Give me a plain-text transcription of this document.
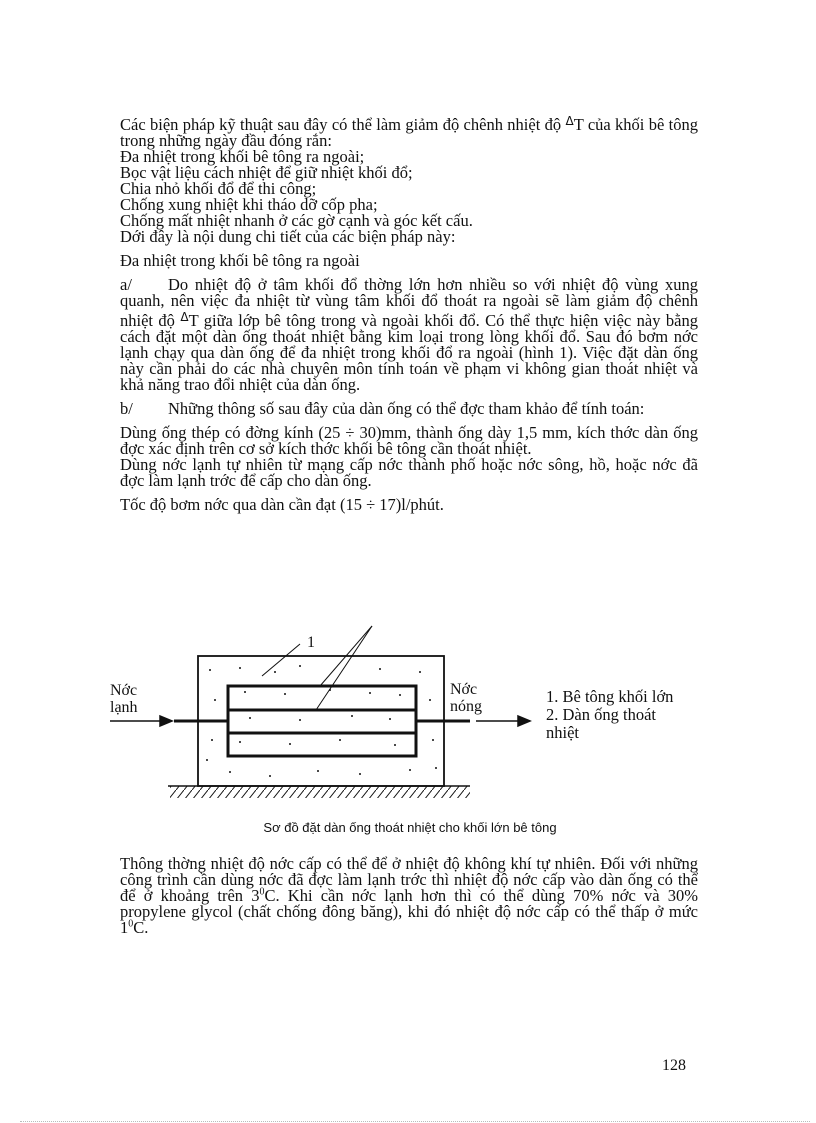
Các biện pháp kỹ thuật sau đây có thể làm giảm độ chênh nhiệt độ $^\Delta$T của khối bê tông trong những ngày đầu đóng rắn:

Đa nhiệt trong khối bê tông ra ngoài;

Bọc vật liệu cách nhiệt để giữ nhiệt khối đổ;

Chia nhỏ khối đổ để thi công;

Chống xung nhiệt khi tháo dỡ cốp pha;

Chống mất nhiệt nhanh ở các gờ cạnh và góc kết cấu.

Dới đây là nội dung chi tiết của các biện pháp này:

Đa nhiệt trong khối bê tông ra ngoài

a/ Do nhiệt độ ở tâm khối đổ thờng lớn hơn nhiều so với nhiệt độ vùng xung quanh, nên việc đa nhiệt từ vùng tâm khối đổ thoát ra ngoài sẽ làm giảm độ chênh nhiệt độ $^\Delta$T giữa lớp bê tông trong và ngoài khối đổ. Có thể thực hiện việc này bằng cách đặt một dàn ống thoát nhiệt bằng kim loại trong lòng khối đổ. Sau đó bơm nớc lạnh chạy qua dàn ống để đa nhiệt trong khối đổ ra ngoài (hình 1). Việc đặt dàn ống này cần phải do các nhà chuyên môn tính toán về phạm vi không gian thoát nhiệt và khả năng trao đổi nhiệt của dàn ống.

b/ Những thông số sau đây của dàn ống có thể đợc tham khảo để tính toán:

Dùng ống thép có đờng kính (25 ÷ 30)mm, thành ống dày 1,5 mm, kích thớc dàn ống đợc xác định trên cơ sở kích thớc khối bê tông cần thoát nhiệt.

Dùng nớc lạnh tự nhiên từ mạng cấp nớc thành phố hoặc nớc sông, hồ, hoặc nớc đã đợc làm lạnh trớc để cấp cho dàn ống.

Tốc độ bơm nớc qua dàn cần đạt (15 ÷ 17)l/phút.

Nớc
lạnh
Nớc
nóng
1
1. Bê tông khối lớn
2. Dàn ống thoát
nhiệt
Sơ đồ đặt dàn ống thoát nhiệt cho khối lớn bê tông

Thông thờng nhiệt độ nớc cấp có thể để ở nhiệt độ không khí tự nhiên. Đối với những công trình cần dùng nớc đã đợc làm lạnh trớc thì nhiệt độ nớc cấp vào dàn ống có thể để ở khoảng trên $3^0C$. Khi cần nớc lạnh hơn thì có thể dùng 70% nớc và 30% propylene glycol (chất chống đông băng), khi đó nhiệt độ nớc cấp có thể thấp ở mức $1^0C$.

128
